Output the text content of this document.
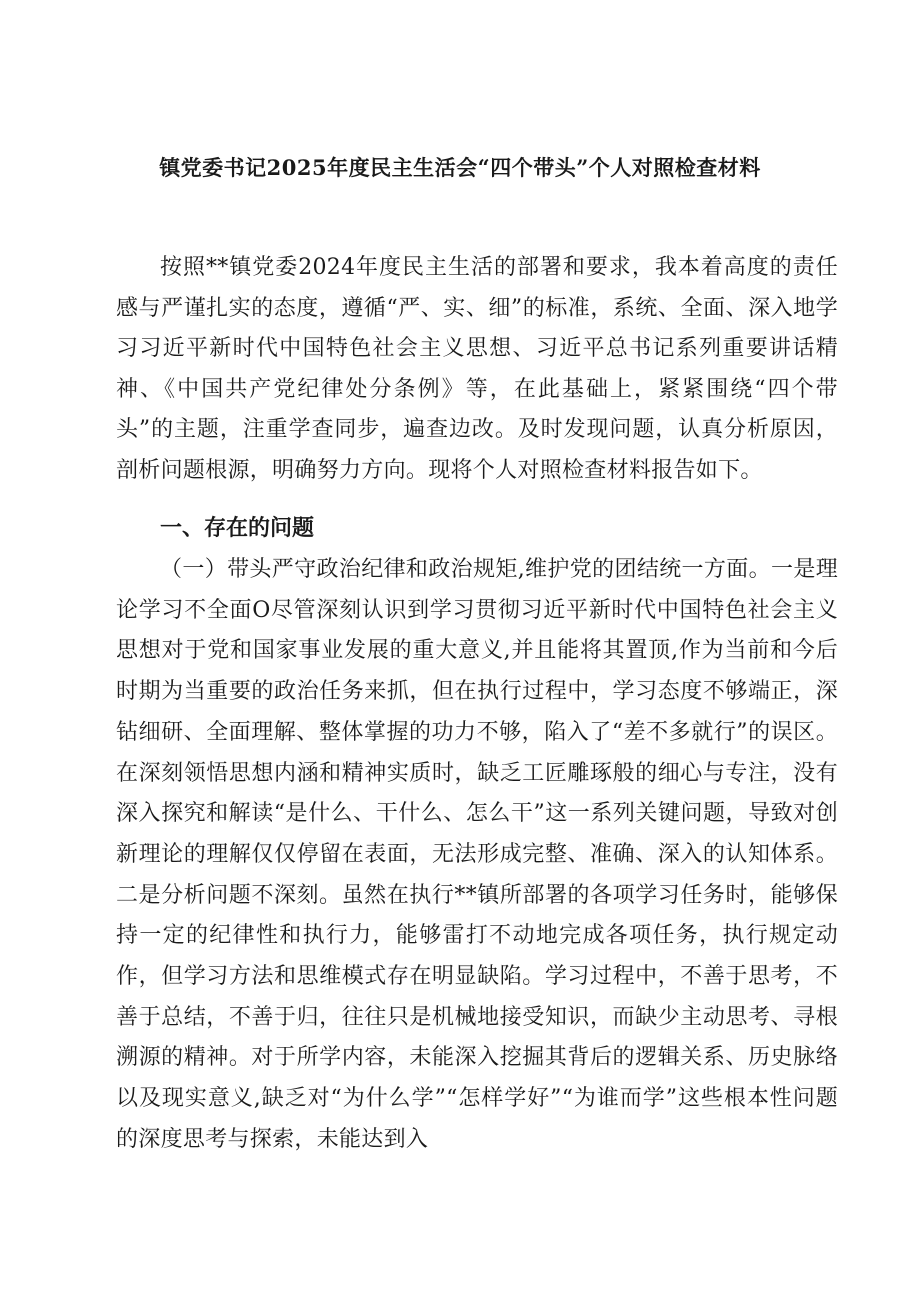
镇党委书记2025年度民主生活会“四个带头”个人对照检查材料

按照**镇党委2024年度民主生活的部署和要求，我本着高度的责任感与严谨扎实的态度，遵循“严、实、细”的标准，系统、全面、深入地学习习近平新时代中国特色社会主义思想、习近平总书记系列重要讲话精神、《中国共产党纪律处分条例》等，在此基础上，紧紧围绕“四个带头”的主题，注重学查同步，遍查边改。及时发现问题，认真分析原因，剖析问题根源，明确努力方向。现将个人对照检查材料报告如下。

一、存在的问题

（一）带头严守政治纪律和政治规矩,维护党的团结统一方面。一是理论学习不全面O尽管深刻认识到学习贯彻习近平新时代中国特色社会主义思想对于党和国家事业发展的重大意义,并且能将其置顶,作为当前和今后时期为当重要的政治任务来抓，但在执行过程中，学习态度不够端正，深钻细研、全面理解、整体掌握的功力不够，陷入了“差不多就行”的误区。在深刻领悟思想内涵和精神实质时，缺乏工匠雕琢般的细心与专注，没有深入探究和解读“是什么、干什么、怎么干”这一系列关键问题，导致对创新理论的理解仅仅停留在表面，无法形成完整、准确、深入的认知体系。二是分析问题不深刻。虽然在执行**镇所部署的各项学习任务时，能够保持一定的纪律性和执行力，能够雷打不动地完成各项任务，执行规定动作，但学习方法和思维模式存在明显缺陷。学习过程中，不善于思考，不善于总结，不善于归，往往只是机械地接受知识，而缺少主动思考、寻根溯源的精神。对于所学内容，未能深入挖掘其背后的逻辑关系、历史脉络以及现实意义,缺乏对“为什么学”“怎样学好”“为谁而学”这些根本性问题的深度思考与探索，未能达到入
